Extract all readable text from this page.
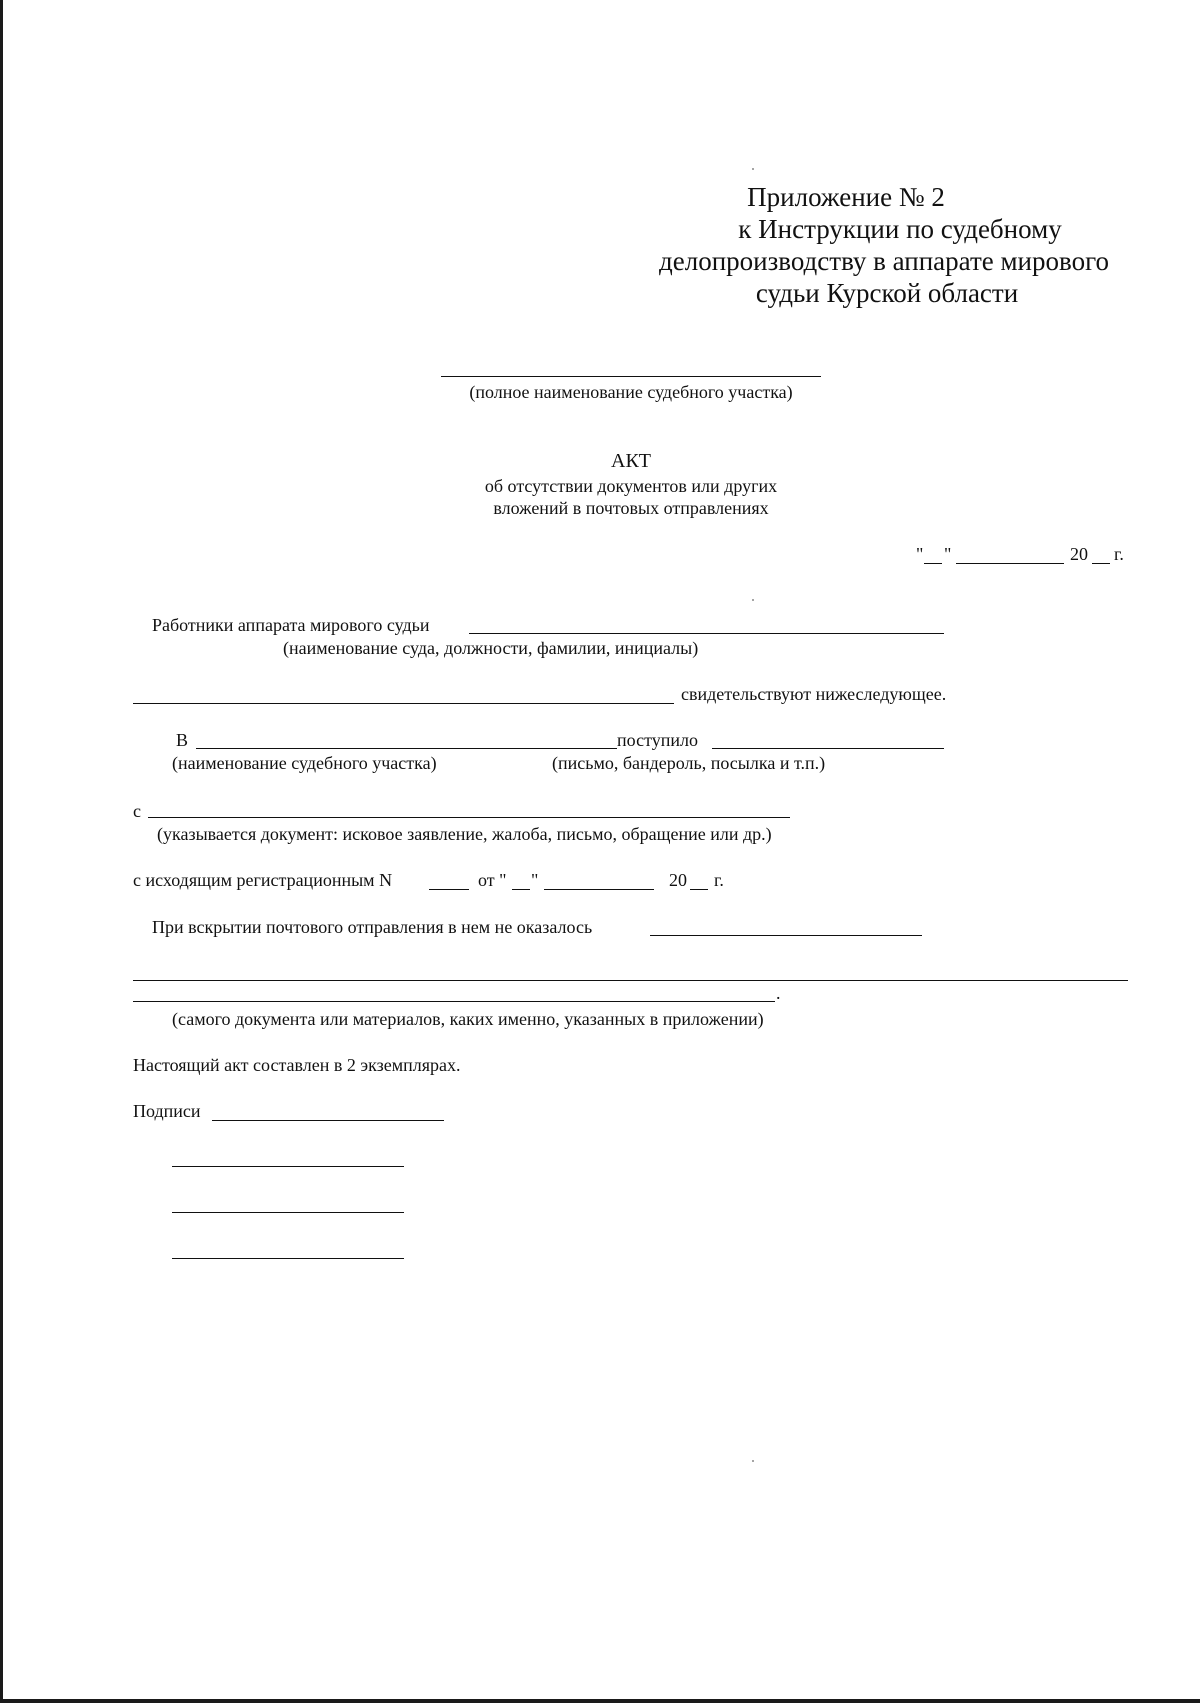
Приложение № 2
к Инструкции по судебному
делопроизводству в аппарате мирового
судьи Курской области
(полное наименование судебного участка)
АКТ
об отсутствии документов или других
вложений в почтовых отправлениях
" "	20 г.
Работники аппарата мирового судьи
(наименование суда, должности, фамилии, инициалы)
свидетельствуют нижеследующее.
В	поступило
(наименование судебного участка)	(письмо, бандероль, посылка и т.п.)
с
(указывается документ: исковое заявление, жалоба, письмо, обращение или др.)
с исходящим регистрационным N	от " "	20 г.
При вскрытии почтового отправления в нем не оказалось
.
(самого документа или материалов, каких именно, указанных в приложении)
Настоящий акт составлен в 2 экземплярах.
Подписи
